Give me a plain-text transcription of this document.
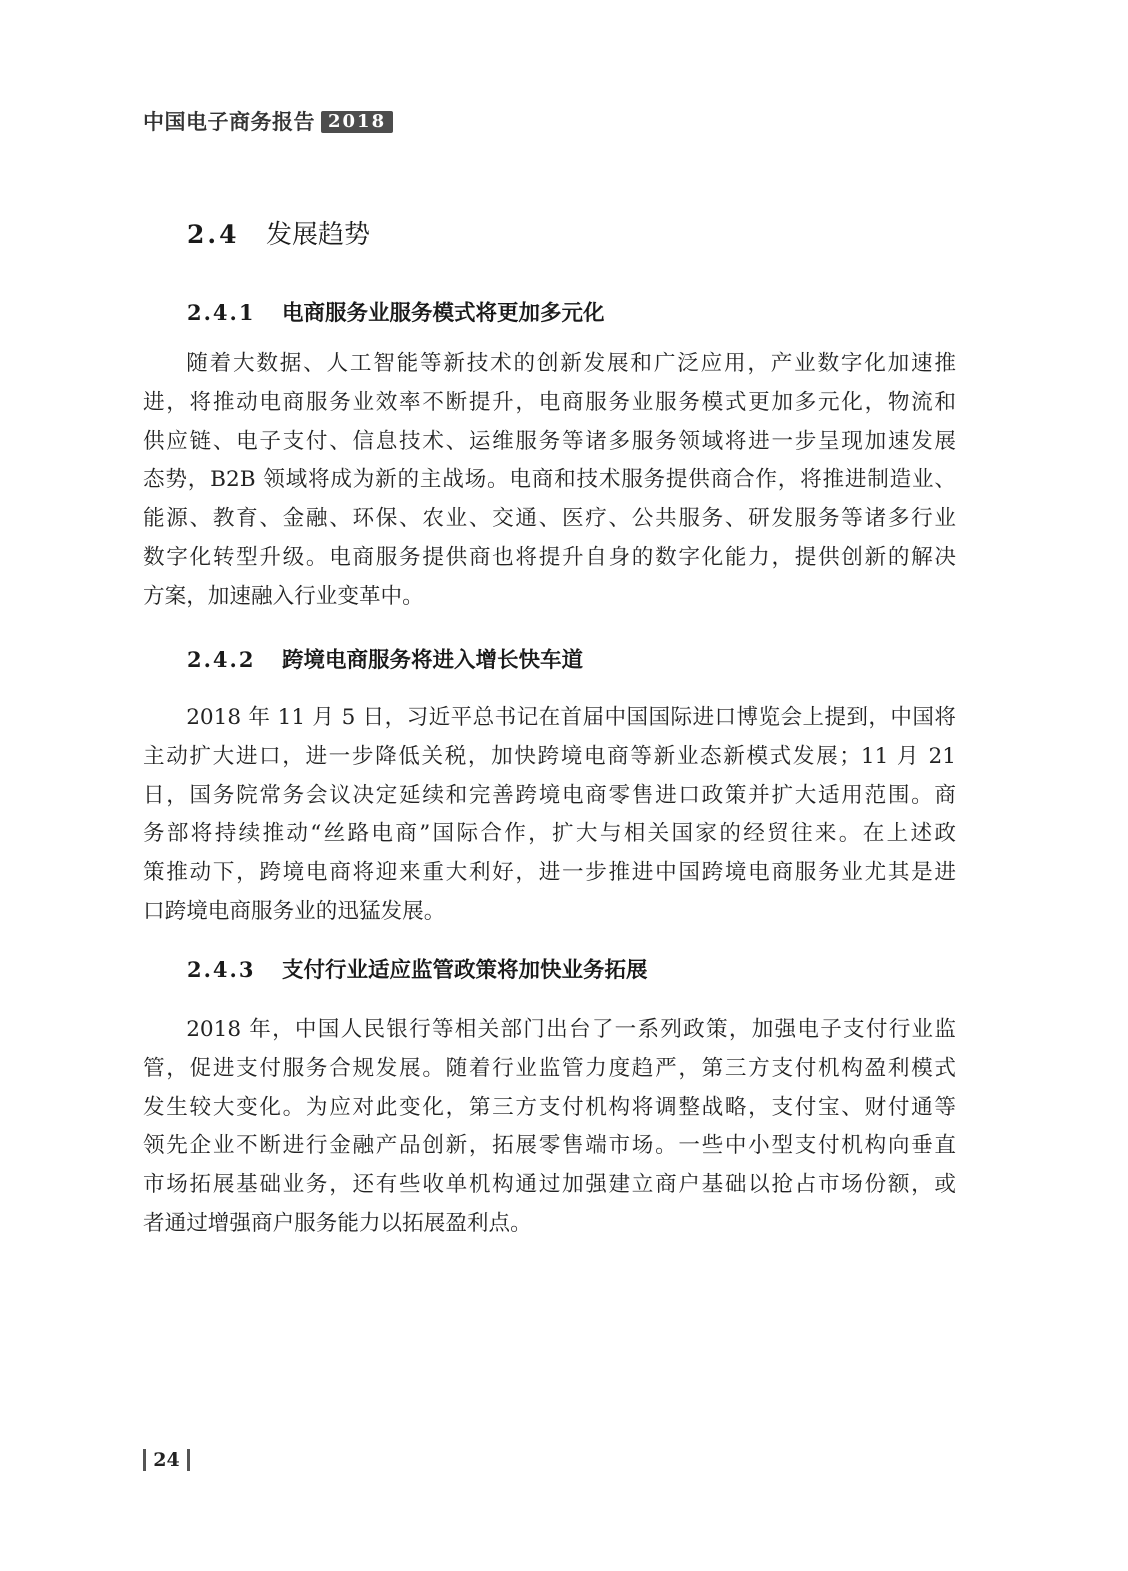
中国电子商务报告 2018
2.4 发展趋势
2.4.1 电商服务业服务模式将更加多元化
随着大数据、人工智能等新技术的创新发展和广泛应用，产业数字化加速推
进，将推动电商服务业效率不断提升，电商服务业服务模式更加多元化，物流和
供应链、电子支付、信息技术、运维服务等诸多服务领域将进一步呈现加速发展
态势，B2B 领域将成为新的主战场。电商和技术服务提供商合作，将推进制造业、
能源、教育、金融、环保、农业、交通、医疗、公共服务、研发服务等诸多行业
数字化转型升级。电商服务提供商也将提升自身的数字化能力，提供创新的解决
方案，加速融入行业变革中。
2.4.2 跨境电商服务将进入增长快车道
2018 年 11 月 5 日，习近平总书记在首届中国国际进口博览会上提到，中国将
主动扩大进口，进一步降低关税，加快跨境电商等新业态新模式发展；11 月 21
日，国务院常务会议决定延续和完善跨境电商零售进口政策并扩大适用范围。商
务部将持续推动“丝路电商”国际合作，扩大与相关国家的经贸往来。在上述政
策推动下，跨境电商将迎来重大利好，进一步推进中国跨境电商服务业尤其是进
口跨境电商服务业的迅猛发展。
2.4.3 支付行业适应监管政策将加快业务拓展
2018 年，中国人民银行等相关部门出台了一系列政策，加强电子支付行业监
管，促进支付服务合规发展。随着行业监管力度趋严，第三方支付机构盈利模式
发生较大变化。为应对此变化，第三方支付机构将调整战略，支付宝、财付通等
领先企业不断进行金融产品创新，拓展零售端市场。一些中小型支付机构向垂直
市场拓展基础业务，还有些收单机构通过加强建立商户基础以抢占市场份额，或
者通过增强商户服务能力以拓展盈利点。
24
